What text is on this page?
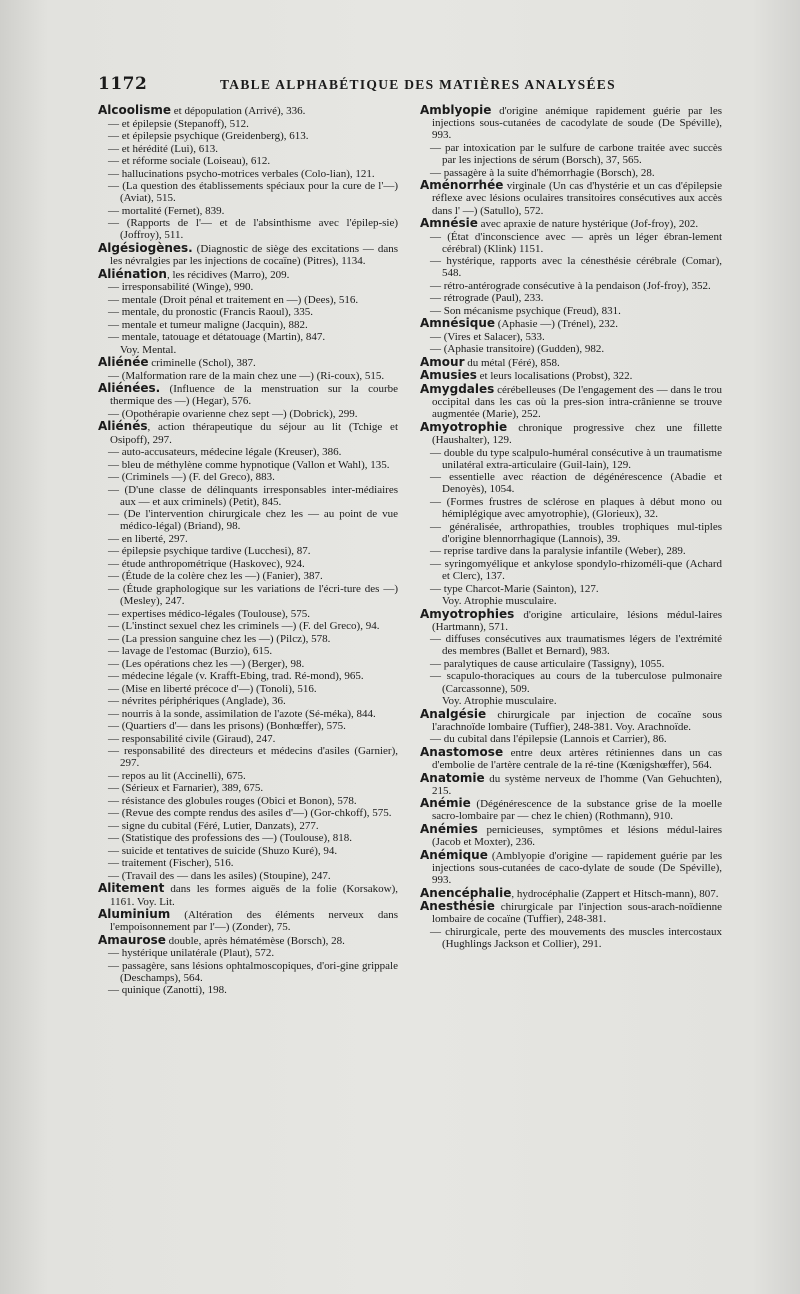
1172	TABLE ALPHABÉTIQUE DES MATIÈRES ANALYSÉES
Alcoolisme et dépopulation (Arrivé), 336.
— et épilepsie (Stepanoff), 512.
— et épilepsie psychique (Greidenberg), 613.
— et hérédité (Lui), 613.
— et réforme sociale (Loiseau), 612.
— hallucinations psycho-motrices verbales (Colo-lian), 121.
— (La question des établissements spéciaux pour la cure de l'—) (Aviat), 515.
— mortalité (Fernet), 839.
— (Rapports de l'— et de l'absinthisme avec l'épilep-sie) (Joffroy), 511.
Algésiogènes. (Diagnostic de siège des excitations — dans les névralgies par les injections de cocaïne) (Pitres), 1134.
Aliénation, les récidives (Marro), 209.
— irresponsabilité (Winge), 990.
— mentale (Droit pénal et traitement en —) (Dees), 516.
— mentale, du pronostic (Francis Raoul), 335.
— mentale et tumeur maligne (Jacquin), 882.
— mentale, tatouage et détatouage (Martin), 847.
Voy. Mental.
Aliénée criminelle (Schol), 387.
— (Malformation rare de la main chez une —) (Ri-coux), 515.
Aliénées. (Influence de la menstruation sur la courbe thermique des —) (Hegar), 576.
— (Opothérapie ovarienne chez sept —) (Dobrick), 299.
Aliénés, action thérapeutique du séjour au lit (Tchige et Osipoff), 297.
— auto-accusateurs, médecine légale (Kreuser), 386.
— bleu de méthylène comme hypnotique (Vallon et Wahl), 135.
— (Criminels —) (F. del Greco), 883.
— (D'une classe de délinquants irresponsables inter-médiaires aux — et aux criminels) (Petit), 845.
— (De l'intervention chirurgicale chez les — au point de vue médico-légal) (Briand), 98.
— en liberté, 297.
— épilepsie psychique tardive (Lucchesi), 87.
— étude anthropométrique (Haskovec), 924.
— (Étude de la colère chez les —) (Fanier), 387.
— (Étude graphologique sur les variations de l'écri-ture des —) (Mesley), 247.
— expertises médico-légales (Toulouse), 575.
— (L'instinct sexuel chez les criminels —) (F. del Greco), 94.
— (La pression sanguine chez les —) (Pilcz), 578.
— lavage de l'estomac (Burzio), 615.
— (Les opérations chez les —) (Berger), 98.
— médecine légale (v. Krafft-Ebing, trad. Ré-mond), 965.
— (Mise en liberté précoce d'—) (Tonoli), 516.
— névrites périphériques (Anglade), 36.
— nourris à la sonde, assimilation de l'azote (Sé-méka), 844.
— (Quartiers d'— dans les prisons) (Bonhœffer), 575.
— responsabilité civile (Giraud), 247.
— responsabilité des directeurs et médecins d'asiles (Garnier), 297.
— repos au lit (Accinelli), 675.
— (Sérieux et Farnarier), 389, 675.
— résistance des globules rouges (Obici et Bonon), 578.
— (Revue des compte rendus des asiles d'—) (Gor-chkoff), 575.
— signe du cubital (Féré, Lutier, Danzats), 277.
— (Statistique des professions des —) (Toulouse), 818.
— suicide et tentatives de suicide (Shuzo Kuré), 94.
— traitement (Fischer), 516.
— (Travail des — dans les asiles) (Stoupine), 247.
Alitement dans les formes aiguës de la folie (Korsakow), 1161. Voy. Lit.
Aluminium (Altération des éléments nerveux dans l'empoisonnement par l'—) (Zonder), 75.
Amaurose double, après hématémèse (Borsch), 28.
— hystérique unilatérale (Plaut), 572.
— passagère, sans lésions ophtalmoscopiques, d'ori-gine grippale (Deschamps), 564.
— quinique (Zanotti), 198.
Amblyopie d'origine anémique rapidement guérie par les injections sous-cutanées de cacodylate de soude (De Spéville), 993.
— par intoxication par le sulfure de carbone traitée avec succès par les injections de sérum (Borsch), 37, 565.
— passagère à la suite d'hémorrhagie (Borsch), 28.
Aménorrhée virginale (Un cas d'hystérie et un cas d'épilepsie réflexe avec lésions oculaires transitoires consécutives aux accès dans l' —) (Satullo), 572.
Amnésie avec apraxie de nature hystérique (Jof-froy), 202.
— (État d'inconscience avec — après un léger ébran-lement cérébral) (Klink) 1151.
— hystérique, rapports avec la cénesthésie cérébrale (Comar), 548.
— rétro-antérograde consécutive à la pendaison (Jof-froy), 352.
— rétrograde (Paul), 233.
— Son mécanisme psychique (Freud), 831.
Amnésique (Aphasie —) (Trénel), 232.
— (Vires et Salacer), 533.
— (Aphasie transitoire) (Gudden), 982.
Amour du métal (Féré), 858.
Amusies et leurs localisations (Probst), 322.
Amygdales cérébelleuses (De l'engagement des — dans le trou occipital dans les cas où la pres-sion intra-crânienne se trouve augmentée (Marie), 252.
Amyotrophie chronique progressive chez une fillette (Haushalter), 129.
— double du type scalpulo-huméral consécutive à un traumatisme unilatéral extra-articulaire (Guil-lain), 129.
— essentielle avec réaction de dégénérescence (Abadie et Denoyès), 1054.
— (Formes frustres de sclérose en plaques à début mono ou hémiplégique avec amyotrophie), (Glorieux), 32.
— généralisée, arthropathies, troubles trophiques mul-tiples d'origine blennorrhagique (Lannois), 39.
— reprise tardive dans la paralysie infantile (Weber), 289.
— syringomyélique et ankylose spondylo-rhizoméli-que (Achard et Clerc), 137.
— type Charcot-Marie (Sainton), 127.
Voy. Atrophie musculaire.
Amyotrophies d'origine articulaire, lésions médul-laires (Hartmann), 571.
— diffuses consécutives aux traumatismes légers de l'extrémité des membres (Ballet et Bernard), 983.
— paralytiques de cause articulaire (Tassigny), 1055.
— scapulo-thoraciques au cours de la tuberculose pulmonaire (Carcassonne), 509.
Voy. Atrophie musculaire.
Analgésie chirurgicale par injection de cocaïne sous l'arachnoïde lombaire (Tuffier), 248-381. Voy. Arachnoïde.
— du cubital dans l'épilepsie (Lannois et Carrier), 86.
Anastomose entre deux artères rétiniennes dans un cas d'embolie de l'artère centrale de la ré-tine (Kœnigshœffer), 564.
Anatomie du système nerveux de l'homme (Van Gehuchten), 215.
Anémie (Dégénérescence de la substance grise de la moelle sacro-lombaire par — chez le chien) (Rothmann), 910.
Anémies pernicieuses, symptômes et lésions médul-laires (Jacob et Moxter), 236.
Anémique (Amblyopie d'origine — rapidement guérie par les injections sous-cutanées de caco-dylate de soude (De Spéville), 993.
Anencéphalie, hydrocéphalie (Zappert et Hitsch-mann), 807.
Anesthésie chirurgicale par l'injection sous-arach-noïdienne lombaire de cocaïne (Tuffier), 248-381.
— chirurgicale, perte des mouvements des muscles intercostaux (Hughlings Jackson et Collier), 291.
